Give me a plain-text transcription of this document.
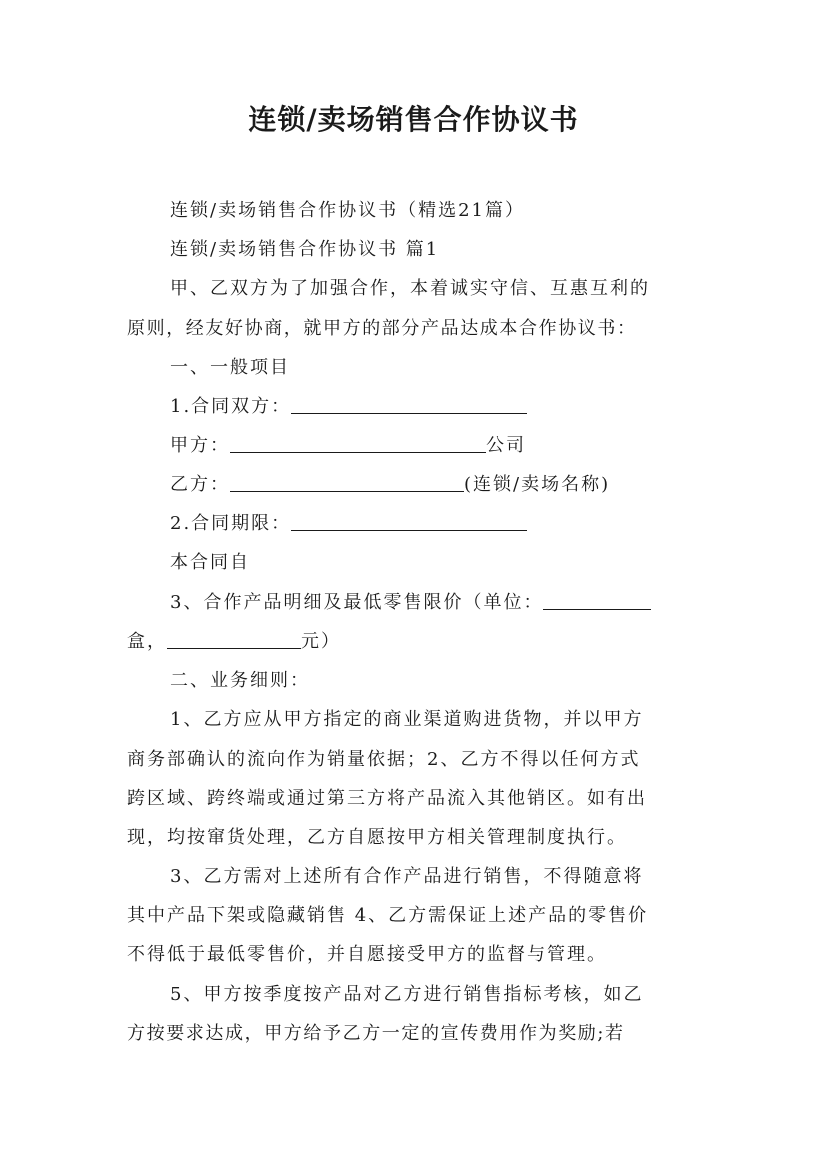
连锁/卖场销售合作协议书
连锁/卖场销售合作协议书（精选21篇）
连锁/卖场销售合作协议书 篇1
甲、乙双方为了加强合作，本着诚实守信、互惠互利的
原则，经友好协商，就甲方的部分产品达成本合作协议书：
一、一般项目
1.合同双方：
甲方：	公司
乙方：	(连锁/卖场名称)
2.合同期限：
本合同自
3、合作产品明细及最低零售限价（单位：
盒，	元）
二、业务细则：
1、乙方应从甲方指定的商业渠道购进货物，并以甲方
商务部确认的流向作为销量依据；2、乙方不得以任何方式
跨区域、跨终端或通过第三方将产品流入其他销区。如有出
现，均按窜货处理，乙方自愿按甲方相关管理制度执行。
3、乙方需对上述所有合作产品进行销售，不得随意将
其中产品下架或隐藏销售 4、乙方需保证上述产品的零售价
不得低于最低零售价，并自愿接受甲方的监督与管理。
5、甲方按季度按产品对乙方进行销售指标考核，如乙
方按要求达成，甲方给予乙方一定的宣传费用作为奖励;若
